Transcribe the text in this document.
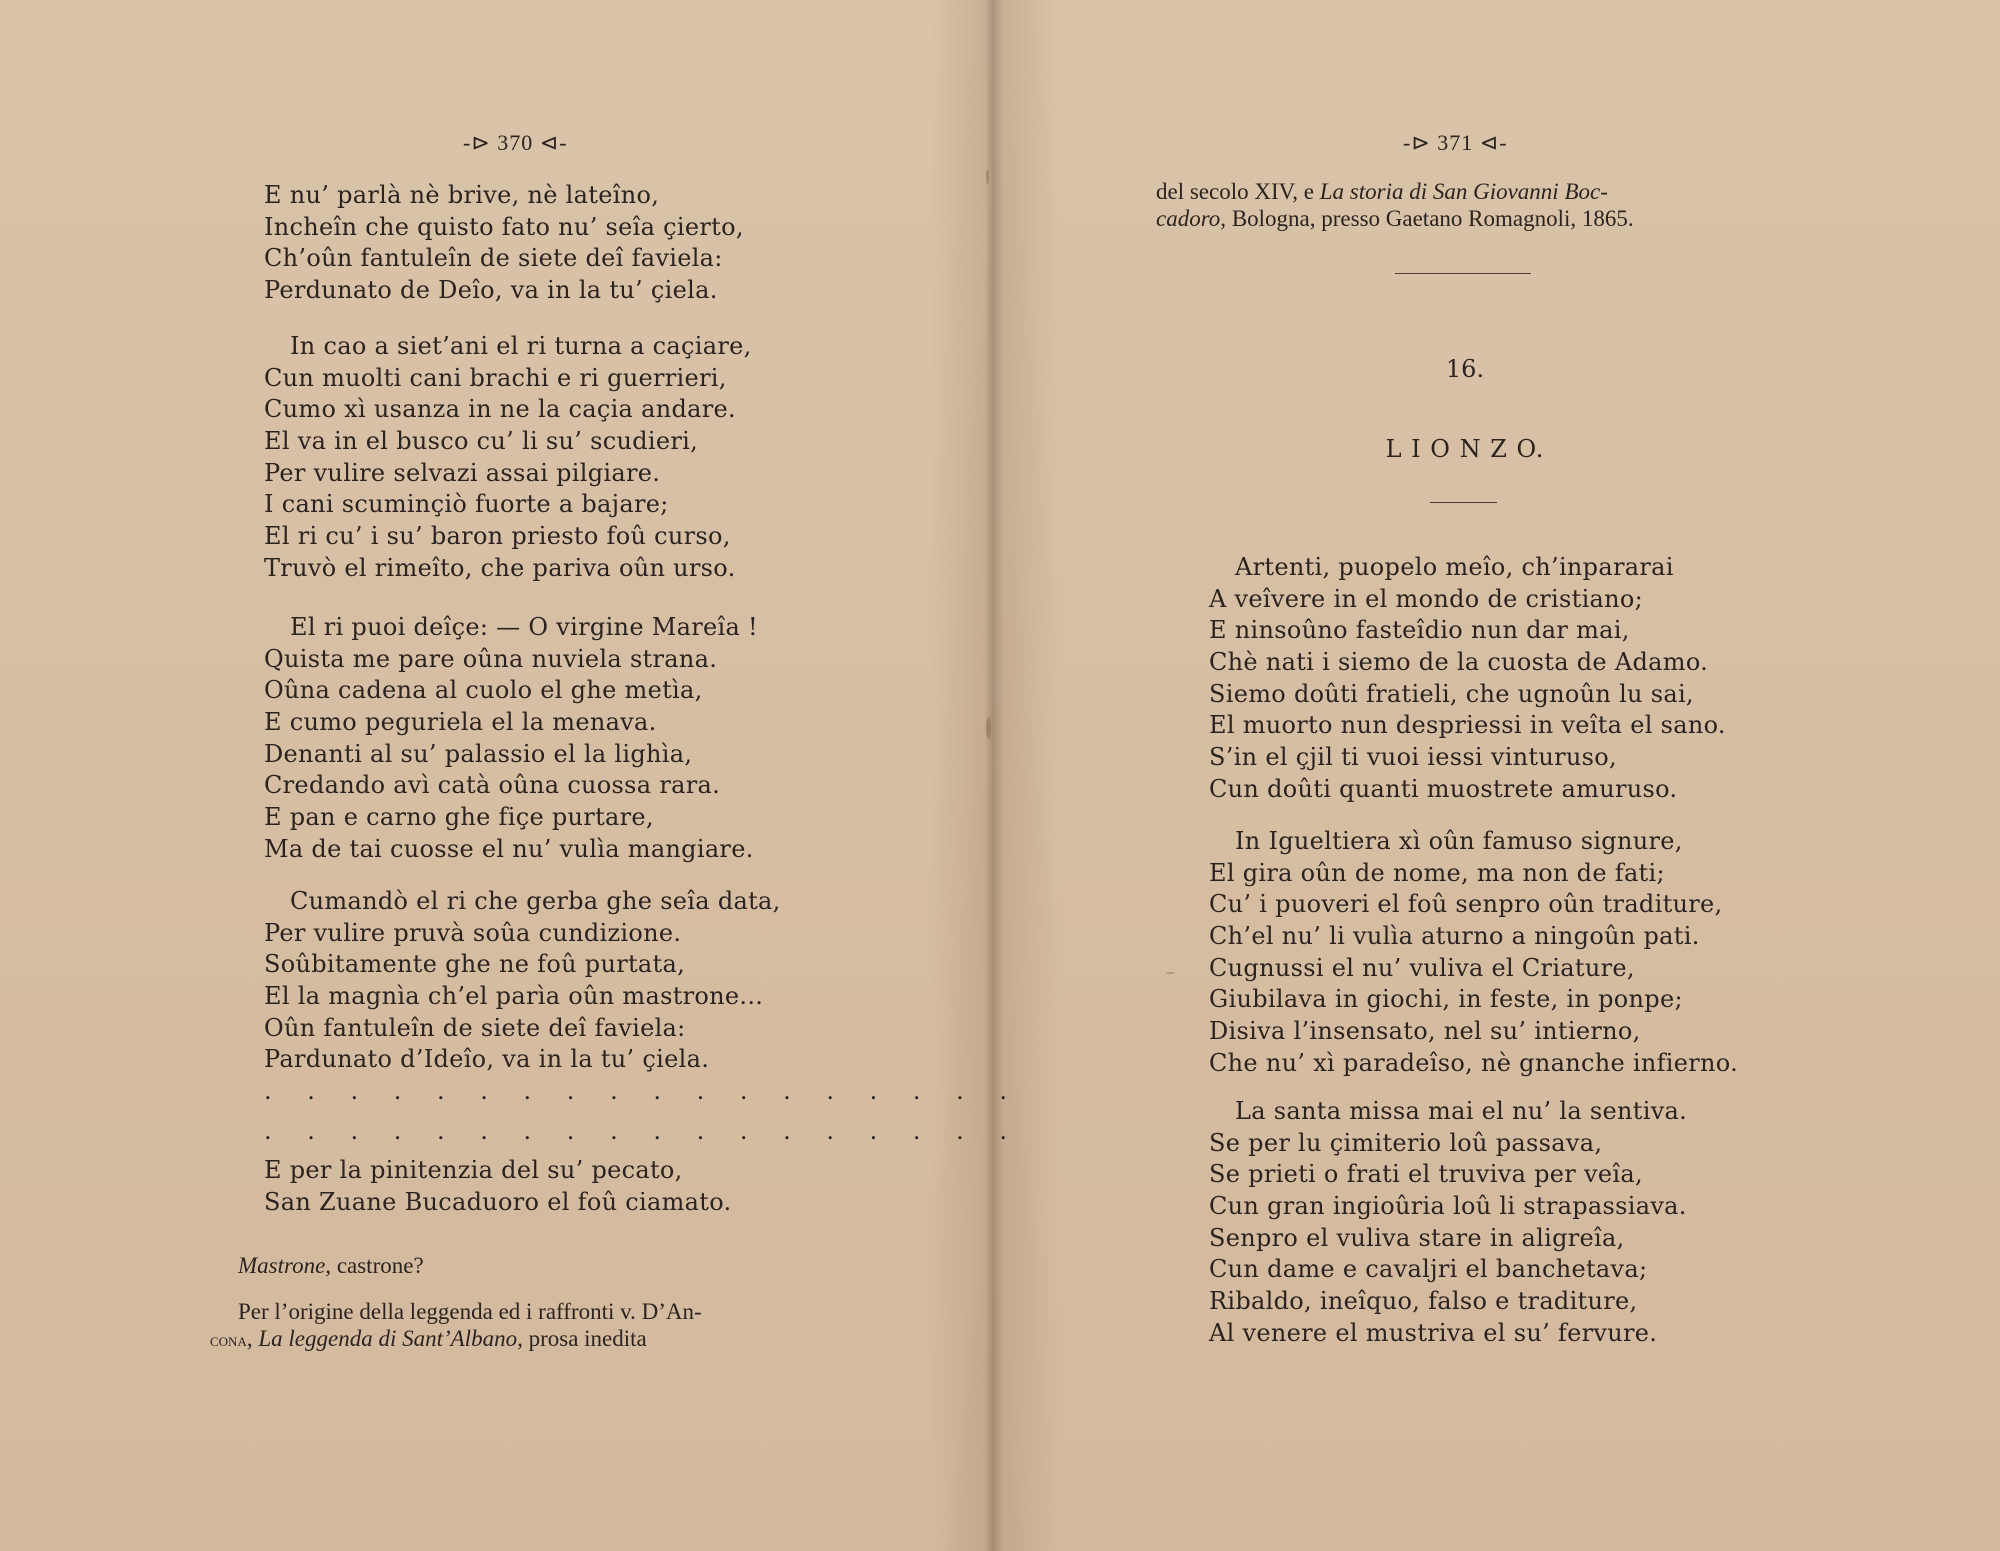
-⊳ 370 ⊲-
E nu’ parlà nè brive, nè lateîno,
Incheîn che quisto fato nu’ seîa çierto,
Ch’oûn fantuleîn de siete deî faviela:
Perdunato de Deîo, va in la tu’ çiela.
In cao a siet’ani el ri turna a caçiare,
Cun muolti cani brachi e ri guerrieri,
Cumo xì usanza in ne la caçia andare.
El va in el busco cu’ li su’ scudieri,
Per vulire selvazi assai pilgiare.
I cani scuminçiò fuorte a bajare;
El ri cu’ i su’ baron priesto foû curso,
Truvò el rimeîto, che pariva oûn urso.
El ri puoi deîçe: — O virgine Mareîa !
Quista me pare oûna nuviela strana.
Oûna cadena al cuolo el ghe metìa,
E cumo peguriela el la menava.
Denanti al su’ palassio el la lighìa,
Credando avì catà oûna cuossa rara.
E pan e carno ghe fiçe purtare,
Ma de tai cuosse el nu’ vulìa mangiare.
Cumandò el ri che gerba ghe seîa data,
Per vulire pruvà soûa cundizione.
Soûbitamente ghe ne foû purtata,
El la magnìa ch’el parìa oûn mastrone...
Oûn fantuleîn de siete deî faviela:
Pardunato d’Ideîo, va in la tu’ çiela.
. . . . . . . . . . . . . . . . . .
. . . . . . . . . . . . . . . . . .
E per la pinitenzia del su’ pecato,
San Zuane Bucaduoro el foû ciamato.
Mastrone, castrone?
Per l’origine della leggenda ed i raffronti v. D’An-
cona, La leggenda di Sant’Albano, prosa inedita
-⊳ 371 ⊲-
del secolo XIV, e La storia di San Giovanni Boc-
cadoro, Bologna, presso Gaetano Romagnoli, 1865.
16.
L I O N Z O.
Artenti, puopelo meîo, ch’inpararai
A veîvere in el mondo de cristiano;
E ninsoûno fasteîdio nun dar mai,
Chè nati i siemo de la cuosta de Adamo.
Siemo doûti fratieli, che ugnoûn lu sai,
El muorto nun despriessi in veîta el sano.
S’in el çjil ti vuoi iessi vinturuso,
Cun doûti quanti muostrete amuruso.
In Igueltiera xì oûn famuso signure,
El gira oûn de nome, ma non de fati;
Cu’ i puoveri el foû senpro oûn traditure,
Ch’el nu’ li vulìa aturno a ningoûn pati.
Cugnussi el nu’ vuliva el Criature,
Giubilava in giochi, in feste, in ponpe;
Disiva l’insensato, nel su’ intierno,
Che nu’ xì paradeîso, nè gnanche infierno.
La santa missa mai el nu’ la sentiva.
Se per lu çimiterio loû passava,
Se prieti o frati el truviva per veîa,
Cun gran ingioûria loû li strapassiava.
Senpro el vuliva stare in aligreîa,
Cun dame e cavaljri el banchetava;
Ribaldo, ineîquo, falso e traditure,
Al venere el mustriva el su’ fervure.
